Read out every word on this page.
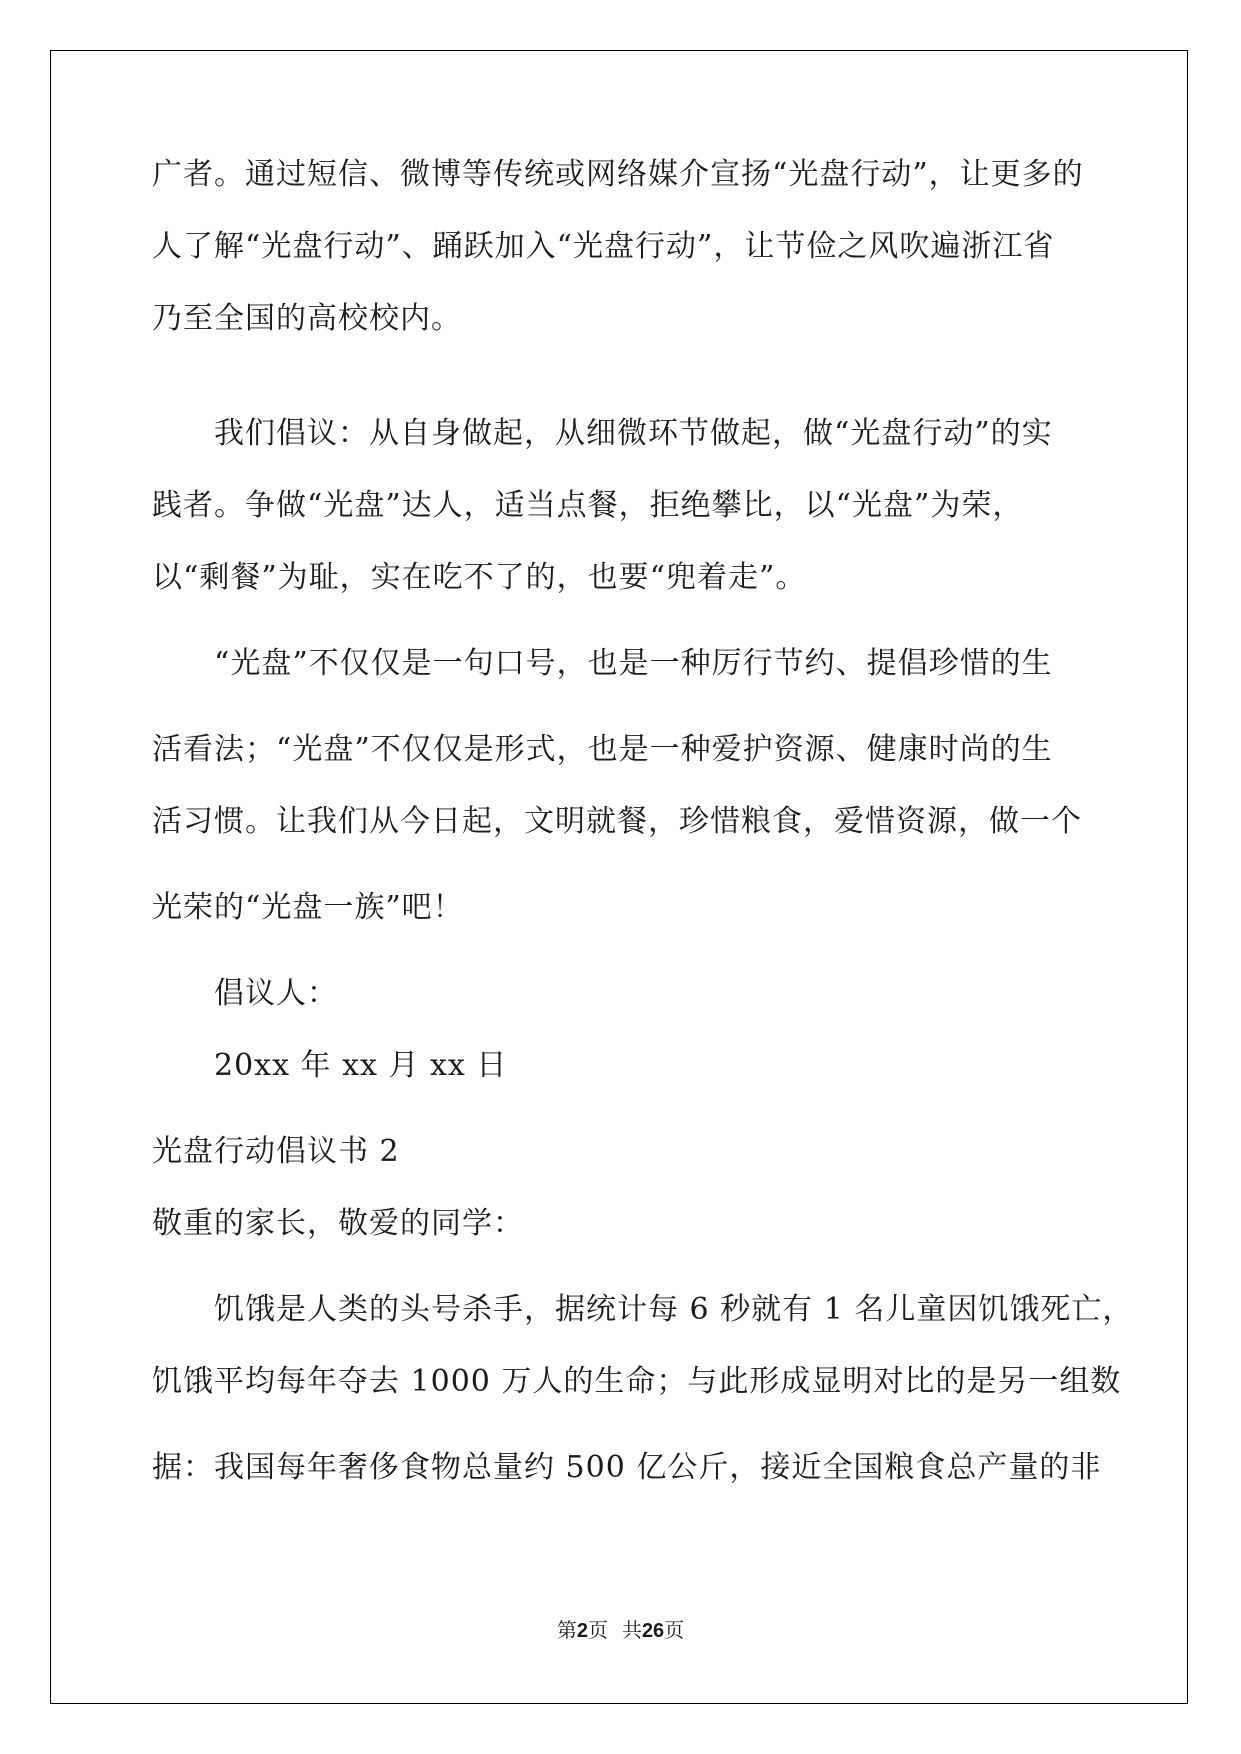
广者。通过短信、微博等传统或网络媒介宣扬“光盘行动”，让更多的
人了解“光盘行动”、踊跃加入“光盘行动”，让节俭之风吹遍浙江省
乃至全国的高校校内。
我们倡议：从自身做起，从细微环节做起，做“光盘行动”的实
践者。争做“光盘”达人，适当点餐，拒绝攀比，以“光盘”为荣，
以“剩餐”为耻，实在吃不了的，也要“兜着走”。
“光盘”不仅仅是一句口号，也是一种厉行节约、提倡珍惜的生
活看法；“光盘”不仅仅是形式，也是一种爱护资源、健康时尚的生
活习惯。让我们从今日起，文明就餐，珍惜粮食，爱惜资源，做一个
光荣的“光盘一族”吧！
倡议人：
20xx 年 xx 月 xx 日
光盘行动倡议书 2
敬重的家长，敬爱的同学：
饥饿是人类的头号杀手，据统计每 6 秒就有 1 名儿童因饥饿死亡，
饥饿平均每年夺去 1000 万人的生命；与此形成显明对比的是另一组数
据：我国每年奢侈食物总量约 500 亿公斤，接近全国粮食总产量的非
第2页 共26页
